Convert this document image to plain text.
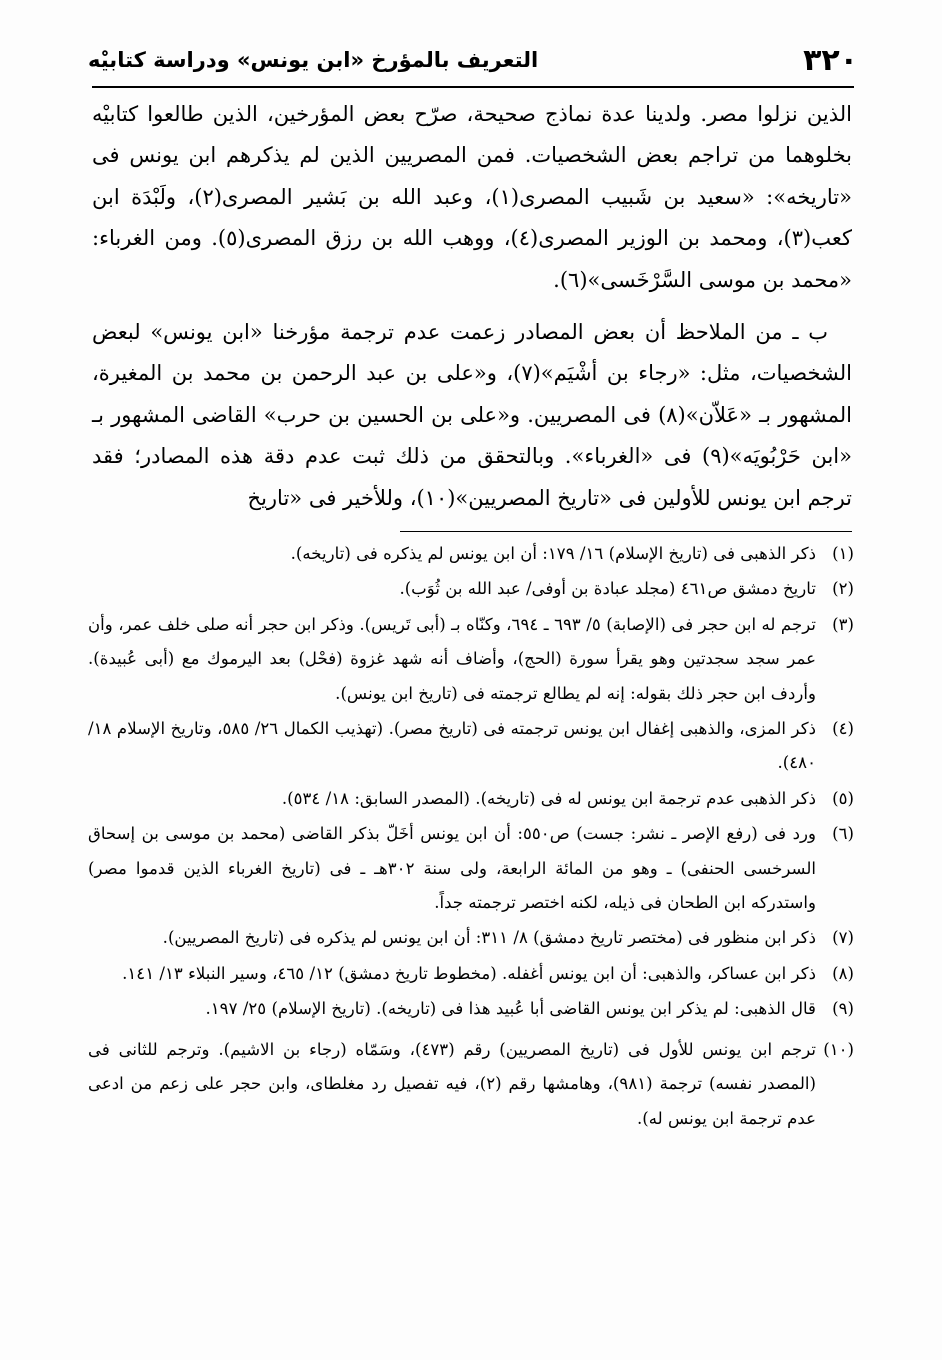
٣٢٠
التعريف بالمؤرخ «ابن يونس» ودراسة كتابيْه

الذين نزلوا مصر. ولدينا عدة نماذج صحيحة، صرّح بعض المؤرخين، الذين طالعوا كتابيْه بخلوهما من تراجم بعض الشخصيات. فمن المصريين الذين لم يذكرهم ابن يونس فى «تاريخه»: «سعيد بن شَبيب المصرى(١)، وعبد الله بن بَشير المصرى(٢)، ولَبْدَة ابن كعب(٣)، ومحمد بن الوزير المصرى(٤)، ووهب الله بن رزق المصرى(٥). ومن الغرباء: «محمد بن موسى السَّرْخَسى»(٦).

ب ـ من الملاحظ أن بعض المصادر زعمت عدم ترجمة مؤرخنا «ابن يونس» لبعض الشخصيات، مثل: «رجاء بن أشْيَم»(٧)، و«على بن عبد الرحمن بن محمد بن المغيرة، المشهور بـ «عَلاّن»(٨) فى المصريين. و«على بن الحسين بن حرب» القاضى المشهور بـ «ابن حَرْبُويَه»(٩) فى «الغرباء». وبالتحقق من ذلك ثبت عدم دقة هذه المصادر؛ فقد ترجم ابن يونس للأولين فى «تاريخ المصريين»(١٠)، وللأخير فى «تاريخ

(١)
ذكر الذهبى فى (تاريخ الإسلام) ١٦/ ١٧٩: أن ابن يونس لم يذكره فى (تاريخه).
(٢)
تاريخ دمشق ص٤٦١ (مجلد عبادة بن أوفى/ عبد الله بن ثُوَب).
(٣)
ترجم له ابن حجر فى (الإصابة) ٥/ ٦٩٣ ـ ٦٩٤، وكنّاه بـ (أبى تَريس). وذكر ابن حجر أنه صلى خلف عمر، وأن عمر سجد سجدتين وهو يقرأ سورة (الحج)، وأضاف أنه شهد غزوة (فحْل) بعد اليرموك مع (أبى عُبيدة). وأردف ابن حجر ذلك بقوله: إنه لم يطالع ترجمته فى (تاريخ ابن يونس).
(٤)
ذكر المزى، والذهبى إغفال ابن يونس ترجمته فى (تاريخ مصر). (تهذيب الكمال ٢٦/ ٥٨٥، وتاريخ الإسلام ١٨/ ٤٨٠).
(٥)
ذكر الذهبى عدم ترجمة ابن يونس له فى (تاريخه). (المصدر السابق: ١٨/ ٥٣٤).
(٦)
ورد فى (رفع الإصر ـ نشر: جست) ص٥٥٠: أن ابن يونس أخَلّ بذكر القاضى (محمد بن موسى بن إسحاق السرخسى الحنفى) ـ وهو من المائة الرابعة، ولى سنة ٣٠٢هـ ـ فى (تاريخ الغرباء الذين قدموا مصر) واستدركه ابن الطحان فى ذيله، لكنه اختصر ترجمته جداً.
(٧)
ذكر ابن منظور فى (مختصر تاريخ دمشق) ٨/ ٣١١: أن ابن يونس لم يذكره فى (تاريخ المصريين).
(٨)
ذكر ابن عساكر، والذهبى: أن ابن يونس أغفله. (مخطوط تاريخ دمشق) ١٢/ ٤٦٥، وسير النبلاء ١٣/ ١٤١.
(٩)
قال الذهبى: لم يذكر ابن يونس القاضى أبا عُبيد هذا فى (تاريخه). (تاريخ الإسلام) ٢٥/ ١٩٧.
(١٠)
ترجم ابن يونس للأول فى (تاريخ المصريين) رقم (٤٧٣)، وسَمّاه (رجاء بن الاشيم). وترجم للثانى فى (المصدر نفسه) ترجمة (٩٨١)، وهامشها رقم (٢)، فيه تفصيل رد مغلطاى، وابن حجر على زعم من ادعى عدم ترجمة ابن يونس له).
